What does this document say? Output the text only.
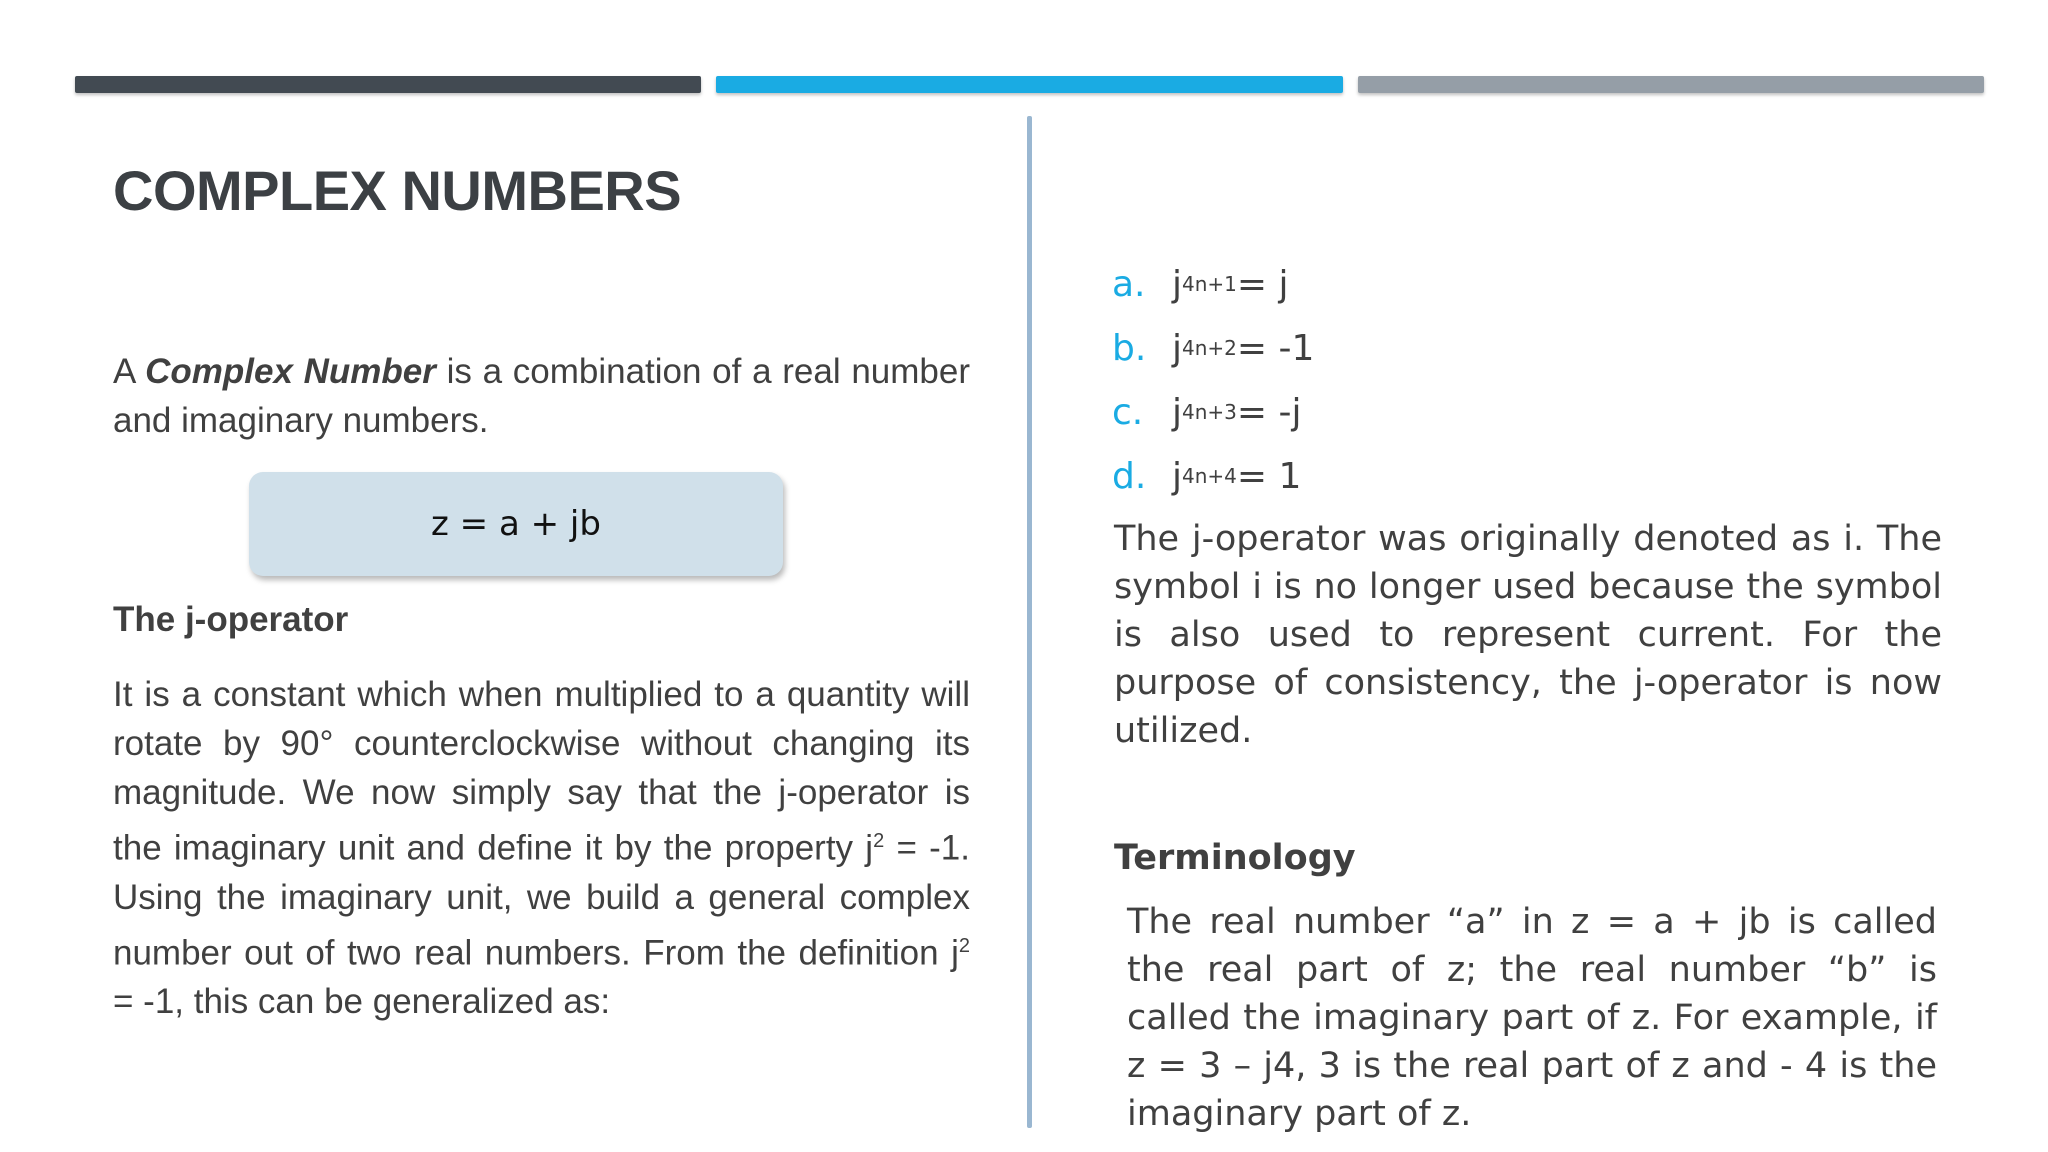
COMPLEX NUMBERS

A Complex Number is a combination of a real number and imaginary numbers.

z = a + jb
The j-operator

It is a constant which when multiplied to a quantity will rotate by 90° counterclockwise without changing its magnitude. We now simply say that the j-operator is the imaginary unit and define it by the property $j^2 = -1$. Using the imaginary unit, we build a general complex number out of two real numbers. From the definition $j^2 = -1$, this can be generalized as:

a. j 4n+1 = j
b. j 4n+2 = -1
c. j 4n+3 = -j
d. j 4n+4 = 1

The j-operator was originally denoted as i. The symbol i is no longer used because the symbol is also used to represent current. For the purpose of consistency, the j-operator is now utilized.

Terminology

The real number “a” in z = a + jb is called the real part of z; the real number “b” is called the imaginary part of z. For example, if z = 3 – j4, 3 is the real part of z and - 4 is the imaginary part of z.
